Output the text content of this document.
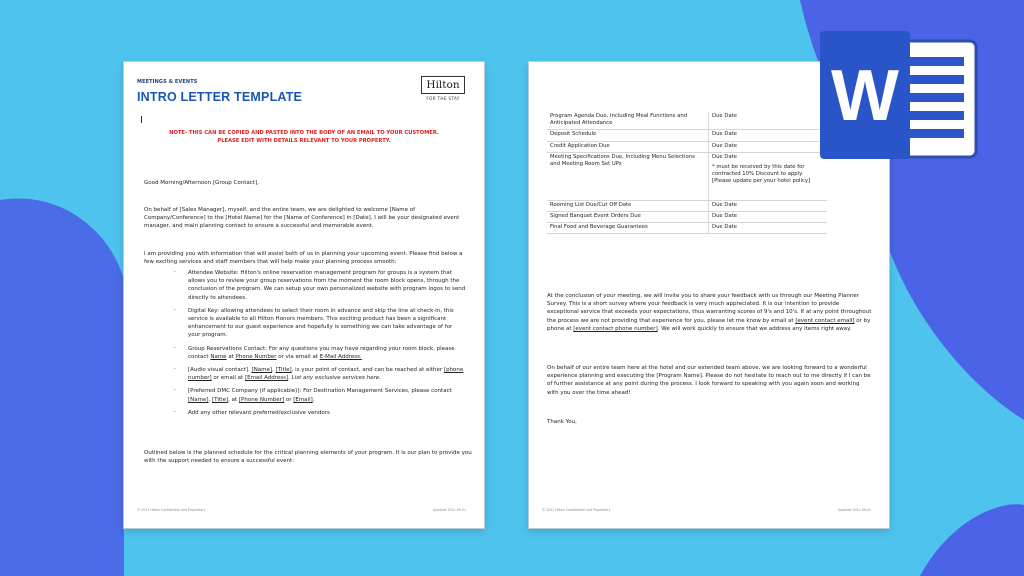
MEETINGS & EVENTS
INTRO LETTER TEMPLATE
Hilton
FOR THE STAY
NOTE- THIS CAN BE COPIED AND PASTED INTO THE BODY OF AN EMAIL TO YOUR CUSTOMER.
PLEASE EDIT WITH DETAILS RELEVANT TO YOUR PROPERTY.
Good Morning/Afternoon [Group Contact],
On behalf of [Sales Manager], myself, and the entire team, we are delighted to welcome [Name of Company/Conference] to the [Hotel Name] for the [Name of Conference] in [Date]. I will be your designated event manager, and main planning contact to ensure a successful and memorable event.
I am providing you with information that will assist both of us in planning your upcoming event. Please find below a few exciting services and staff members that will help make your planning process smooth:
· Attendee Website: Hilton's online reservation management program for groups is a system that allows you to review your group reservations from the moment the room block opens, through the conclusion of the program. We can setup your own personalized website with program logos to send directly to attendees.
· Digital Key: allowing attendees to select their room in advance and skip the line at check-in, this service is available to all Hilton Honors members. This exciting product has been a significant enhancement to our guest experience and hopefully is something we can take advantage of for your program.
· Group Reservations Contact: For any questions you may have regarding your room block, please contact Name at Phone Number or via email at E-Mail Address.
· [Audio visual contact]. [Name], [Title], is your point of contact, and can be reached at either [phone number] or email at [Email Address]. List any exclusive services here.
· [Preferred DMC Company (if applicable)]: For Destination Management Services, please contact [Name], [Title], at [Phone Number] or [Email].
· Add any other relevant preferred/exclusive vendors
Outlined below is the planned schedule for the critical planning elements of your program. It is our plan to provide you with the support needed to ensure a successful event:
© 2021 Hilton Confidential and Proprietary	Updated 2021-09-01
Program Agenda Due, Including Meal Functions and Anticipated Attendance	Due Date
Deposit Schedule	Due Date
Credit Application Due	Due Date
Meeting Specifications Due, Including Menu Selections and Meeting Room Set UPs	Due Date
* must be received by this date for contracted 10% Discount to apply. [Please update per your hotel policy]

Rooming List Due/Cut Off Date	Due Date
Signed Banquet Event Orders Due	Due Date
Final Food and Beverage Guarantees	Due Date
At the conclusion of your meeting, we will invite you to share your feedback with us through our Meeting Planner Survey. This is a short survey where your feedback is very much appreciated. It is our intention to provide exceptional service that exceeds your expectations, thus warranting scores of 9's and 10's. If at any point throughout the process we are not providing that experience for you, please let me know by email at [event contact email] or by phone at [event contact phone number]. We will work quickly to ensure that we address any items right away.
On behalf of our entire team here at the hotel and our extended team above, we are looking forward to a wonderful experience planning and executing the [Program Name]. Please do not hesitate to reach out to me directly if I can be of further assistance at any point during the process. I look forward to speaking with you again soon and working with you over the time ahead!
Thank You,
© 2021 Hilton Confidential and Proprietary	Updated 2021-09-01
W
